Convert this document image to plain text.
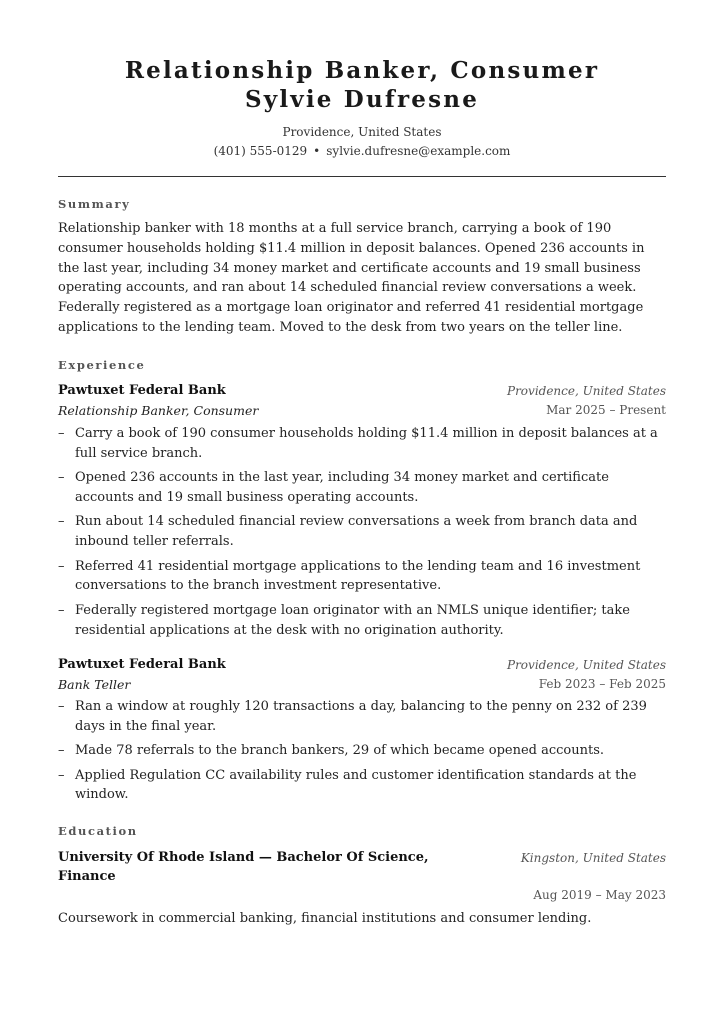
Relationship Banker, Consumer
Sylvie Dufresne
Providence, United States
(401) 555-0129 • sylvie.dufresne@example.com
Summary
Relationship banker with 18 months at a full service branch, carrying a book of 190 consumer households holding $11.4 million in deposit balances. Opened 236 accounts in the last year, including 34 money market and certificate accounts and 19 small business operating accounts, and ran about 14 scheduled financial review conversations a week. Federally registered as a mortgage loan originator and referred 41 residential mortgage applications to the lending team. Moved to the desk from two years on the teller line.
Experience
Pawtuxet Federal Bank	Providence, United States
Relationship Banker, Consumer	Mar 2025 – Present
– Carry a book of 190 consumer households holding $11.4 million in deposit balances at a full service branch.
– Opened 236 accounts in the last year, including 34 money market and certificate accounts and 19 small business operating accounts.
– Run about 14 scheduled financial review conversations a week from branch data and inbound teller referrals.
– Referred 41 residential mortgage applications to the lending team and 16 investment conversations to the branch investment representative.
– Federally registered mortgage loan originator with an NMLS unique identifier; take residential applications at the desk with no origination authority.
Pawtuxet Federal Bank	Providence, United States
Bank Teller	Feb 2023 – Feb 2025
– Ran a window at roughly 120 transactions a day, balancing to the penny on 232 of 239 days in the final year.
– Made 78 referrals to the branch bankers, 29 of which became opened accounts.
– Applied Regulation CC availability rules and customer identification standards at the window.
Education
University Of Rhode Island — Bachelor Of Science, Finance
Kingston, United States
Aug 2019 – May 2023
Coursework in commercial banking, financial institutions and consumer lending.
